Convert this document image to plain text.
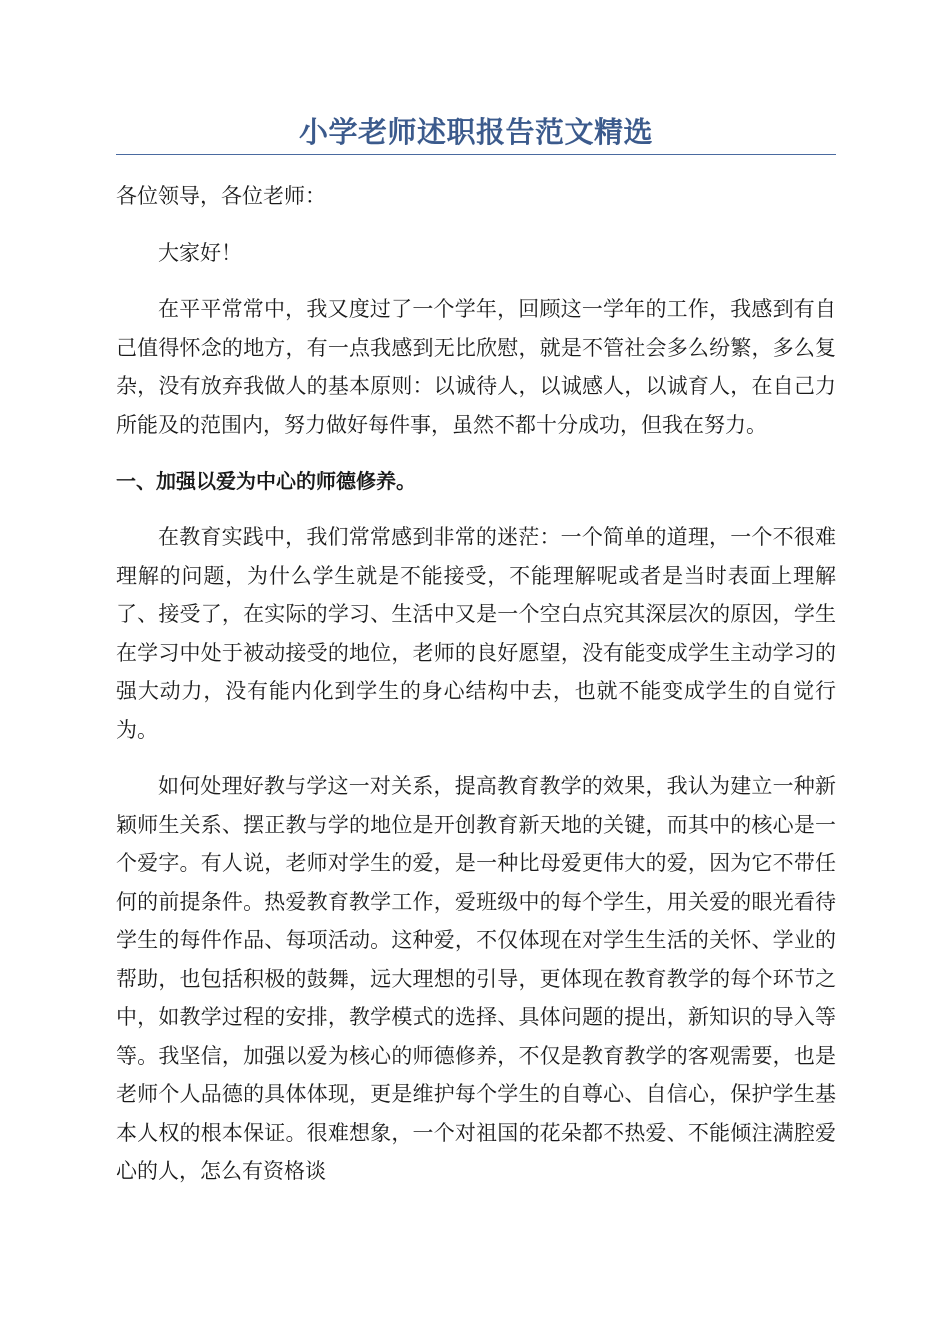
小学老师述职报告范文精选

各位领导，各位老师：

大家好！

在平平常常中，我又度过了一个学年，回顾这一学年的工作，我感到有自己值得怀念的地方，有一点我感到无比欣慰，就是不管社会多么纷繁，多么复杂，没有放弃我做人的基本原则：以诚待人，以诚感人，以诚育人，在自己力所能及的范围内，努力做好每件事，虽然不都十分成功，但我在努力。

一、加强以爱为中心的师德修养。

在教育实践中，我们常常感到非常的迷茫：一个简单的道理，一个不很难理解的问题，为什么学生就是不能接受，不能理解呢或者是当时表面上理解了、接受了，在实际的学习、生活中又是一个空白点究其深层次的原因，学生在学习中处于被动接受的地位，老师的良好愿望，没有能变成学生主动学习的强大动力，没有能内化到学生的身心结构中去，也就不能变成学生的自觉行为。

如何处理好教与学这一对关系，提高教育教学的效果，我认为建立一种新颖师生关系、摆正教与学的地位是开创教育新天地的关键，而其中的核心是一个爱字。有人说，老师对学生的爱，是一种比母爱更伟大的爱，因为它不带任何的前提条件。热爱教育教学工作，爱班级中的每个学生，用关爱的眼光看待学生的每件作品、每项活动。这种爱，不仅体现在对学生生活的关怀、学业的帮助，也包括积极的鼓舞，远大理想的引导，更体现在教育教学的每个环节之中，如教学过程的安排，教学模式的选择、具体问题的提出，新知识的导入等等。我坚信，加强以爱为核心的师德修养，不仅是教育教学的客观需要，也是老师个人品德的具体体现，更是维护每个学生的自尊心、自信心，保护学生基本人权的根本保证。很难想象，一个对祖国的花朵都不热爱、不能倾注满腔爱心的人，怎么有资格谈
